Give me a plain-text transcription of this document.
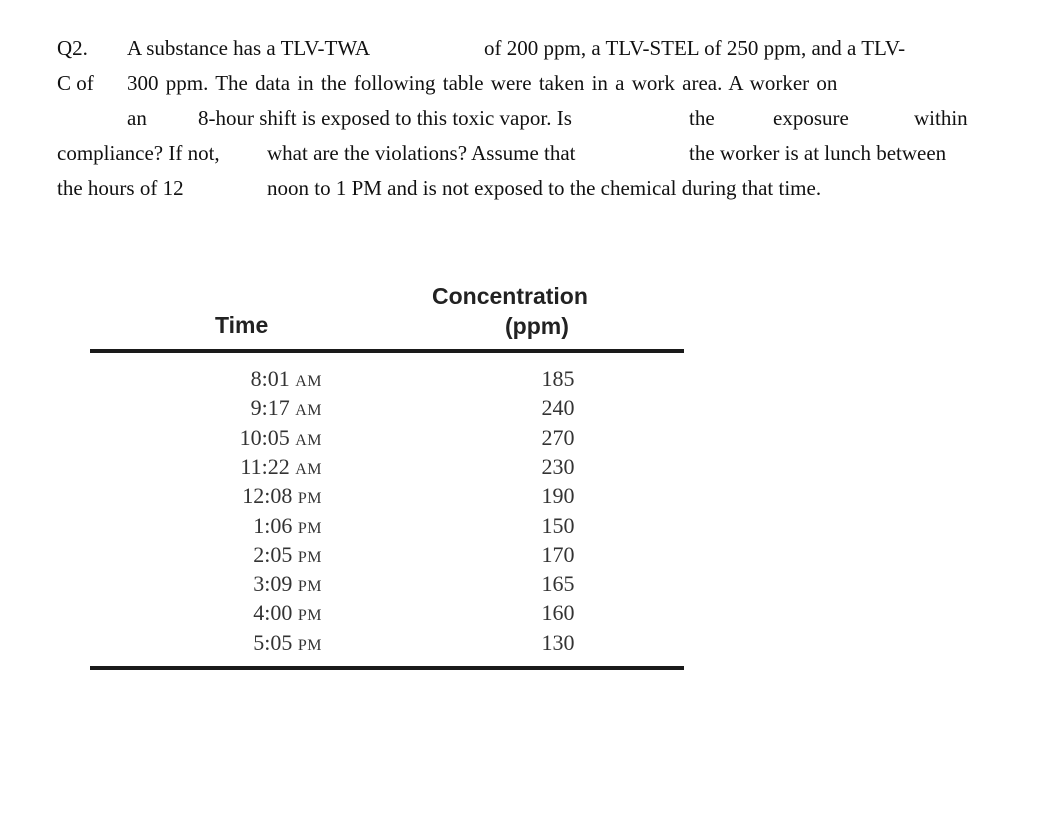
Q2. A substance has a TLV-TWA	of 200 ppm, a TLV-STEL of 250 ppm, and a TLV-
C of 300 ppm. The data in the following table were taken in a work area. A worker on
an 8-hour shift is exposed to this toxic vapor. Is	the	exposure	within
compliance? If not, what are the violations? Assume that	the worker is at lunch between
the hours of 12	noon to 1 PM and is not exposed to the chemical during that time.
Concentration
Time	(ppm)
8:01 AM	185
9:17 AM	240
10:05 AM	270
11:22 AM	230
12:08 PM	190
1:06 PM	150
2:05 PM	170
3:09 PM	165
4:00 PM	160
5:05 PM	130
